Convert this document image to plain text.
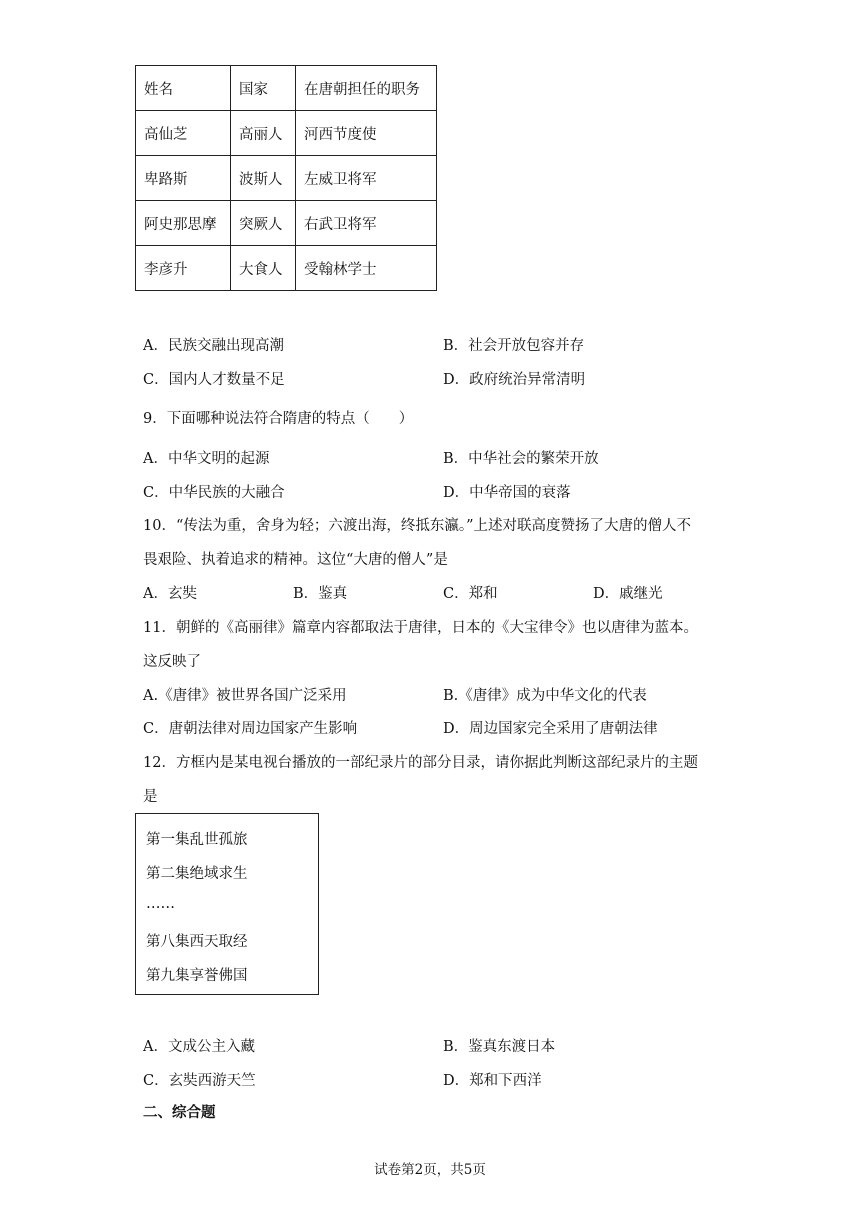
姓名	国家	在唐朝担任的职务
高仙芝	高丽人	河西节度使
卑路斯	波斯人	左威卫将军
阿史那思摩	突厥人	右武卫将军
李彦升	大食人	受翰林学士
A．民族交融出现高潮	B．社会开放包容并存
C．国内人才数量不足	D．政府统治异常清明
9．下面哪种说法符合隋唐的特点（　　）
A．中华文明的起源	B．中华社会的繁荣开放
C．中华民族的大融合	D．中华帝国的衰落
10．“传法为重，舍身为轻；六渡出海，终抵东瀛。”上述对联高度赞扬了大唐的僧人不
畏艰险、执着追求的精神。这位“大唐的僧人”是
A．玄奘	B．鉴真	C．郑和	D．戚继光
11．朝鲜的《高丽律》篇章内容都取法于唐律，日本的《大宝律令》也以唐律为蓝本。
这反映了
A.《唐律》被世界各国广泛采用	B.《唐律》成为中华文化的代表
C．唐朝法律对周边国家产生影响	D．周边国家完全采用了唐朝法律
12．方框内是某电视台播放的一部纪录片的部分目录，请你据此判断这部纪录片的主题
是
第一集乱世孤旅
第二集绝域求生
……
第八集西天取经
第九集享誉佛国
A．文成公主入藏	B．鉴真东渡日本
C．玄奘西游天竺	D．郑和下西洋
二、综合题
试卷第2页，共5页
